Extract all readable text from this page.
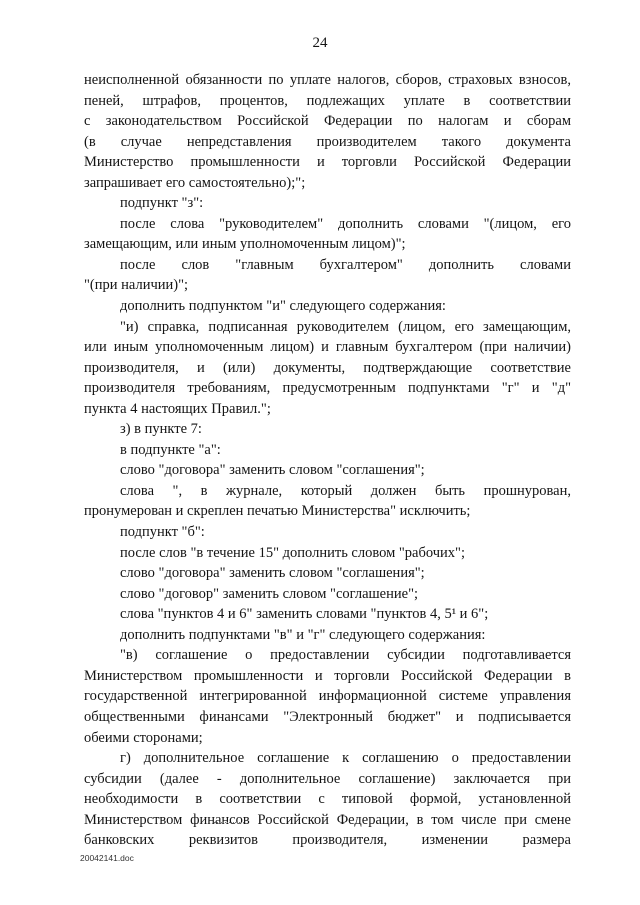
24
неисполненной обязанности по уплате налогов, сборов, страховых взносов,
пеней, штрафов, процентов, подлежащих уплате в соответствии
с законодательством Российской Федерации по налогам и сборам
(в случае непредставления производителем такого документа
Министерство промышленности и торговли Российской Федерации
запрашивает его самостоятельно);";
подпункт "з":
после слова "руководителем" дополнить словами "(лицом, его
замещающим, или иным уполномоченным лицом)";
после слов "главным бухгалтером" дополнить словами
"(при наличии)";
дополнить подпунктом "и" следующего содержания:
"и) справка, подписанная руководителем (лицом, его замещающим,
или иным уполномоченным лицом) и главным бухгалтером (при наличии)
производителя, и (или) документы, подтверждающие соответствие
производителя требованиям, предусмотренным подпунктами "г" и "д"
пункта 4 настоящих Правил.";
з) в пункте 7:
в подпункте "а":
слово "договора" заменить словом "соглашения";
слова ", в журнале, который должен быть прошнурован,
пронумерован и скреплен печатью Министерства" исключить;
подпункт "б":
после слов "в течение 15" дополнить словом "рабочих";
слово "договора" заменить словом "соглашения";
слово "договор" заменить словом "соглашение";
слова "пунктов 4 и 6" заменить словами "пунктов 4, 5¹ и 6";
дополнить подпунктами "в" и "г" следующего содержания:
"в) соглашение о предоставлении субсидии подготавливается
Министерством промышленности и торговли Российской Федерации в
государственной интегрированной информационной системе управления
общественными финансами "Электронный бюджет" и подписывается
обеими сторонами;
г) дополнительное соглашение к соглашению о предоставлении
субсидии (далее - дополнительное соглашение) заключается при
необходимости в соответствии с типовой формой, установленной
Министерством финансов Российской Федерации, в том числе при смене
банковских реквизитов производителя, изменении размера
20042141.doc
